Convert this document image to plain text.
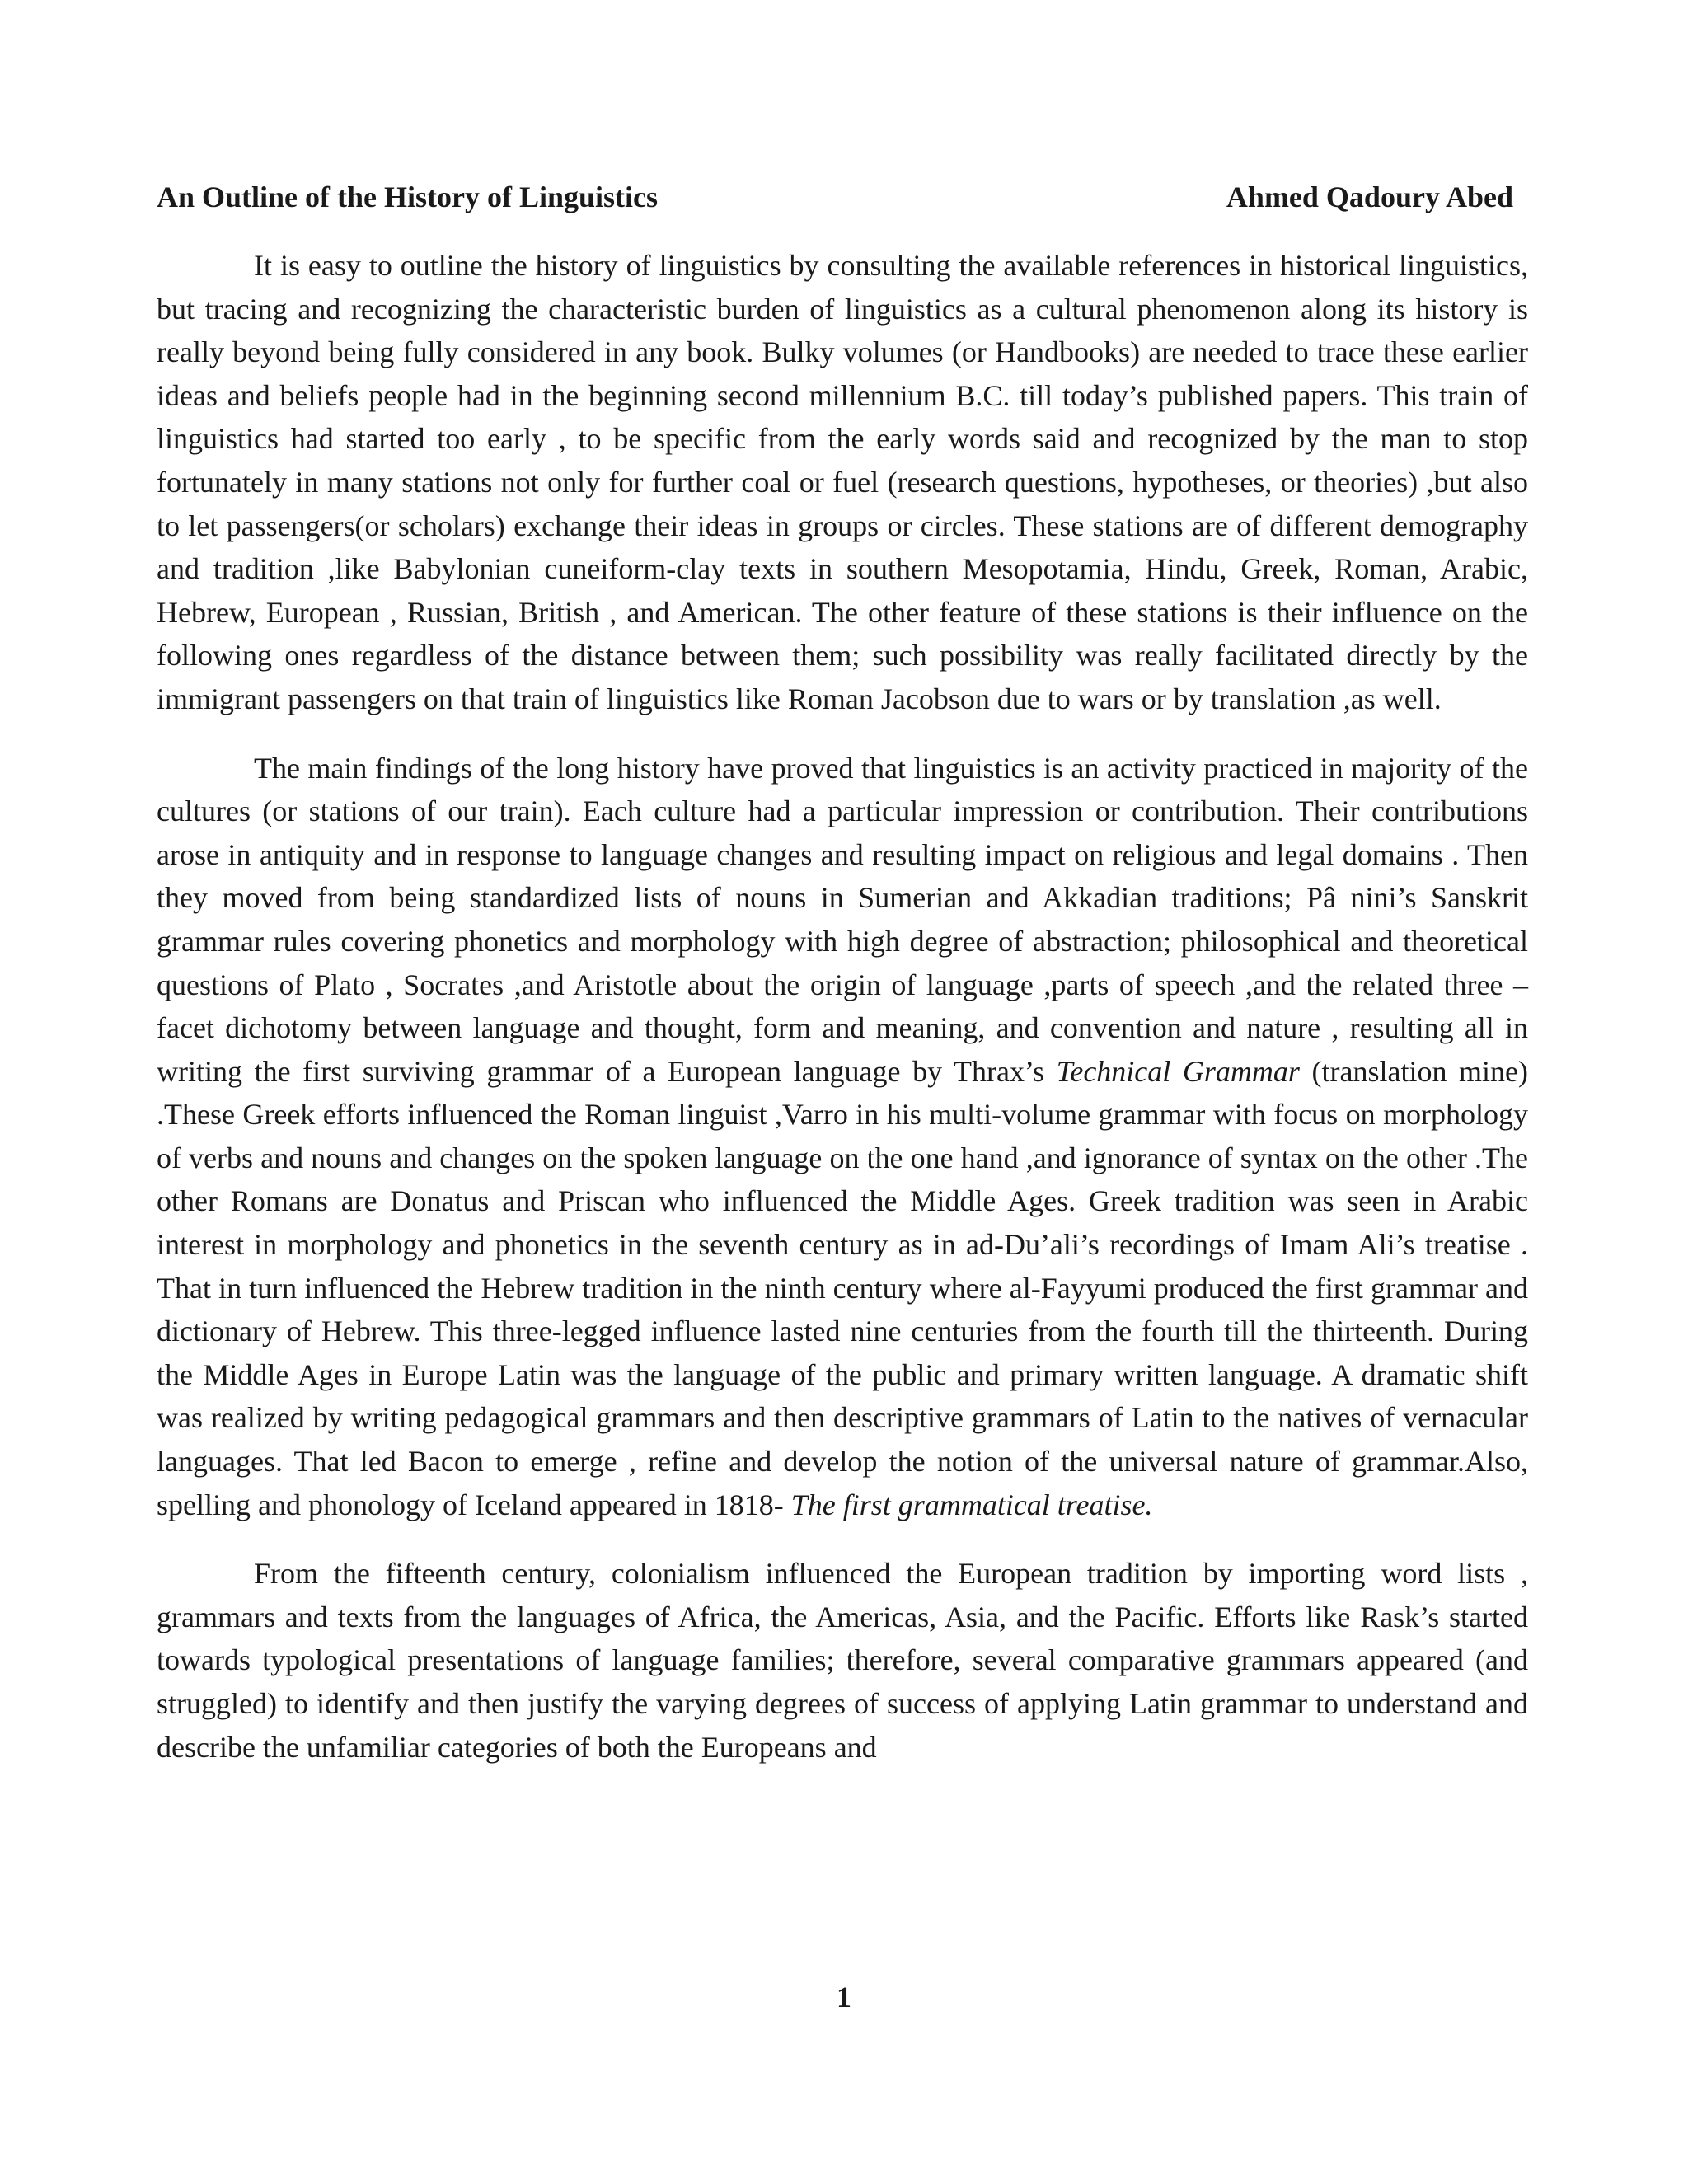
An Outline of the History of Linguistics	Ahmed Qadoury Abed

It is easy to outline the history of linguistics by consulting the available references in historical linguistics, but tracing and recognizing the characteristic burden of linguistics as a cultural phenomenon along its history is really beyond being fully considered in any book. Bulky volumes (or Handbooks) are needed to trace these earlier ideas and beliefs people had in the beginning second millennium B.C. till today’s published papers. This train of linguistics had started too early , to be specific from the early words said and recognized by the man to stop fortunately in many stations not only for further coal or fuel (research questions, hypotheses, or theories) ,but also to let passengers(or scholars) exchange their ideas in groups or circles. These stations are of different demography and tradition ,like Babylonian cuneiform-clay texts in southern Mesopotamia, Hindu, Greek, Roman, Arabic, Hebrew, European , Russian, British , and American. The other feature of these stations is their influence on the following ones regardless of the distance between them; such possibility was really facilitated directly by the immigrant passengers on that train of linguistics like Roman Jacobson due to wars or by translation ,as well.

The main findings of the long history have proved that linguistics is an activity practiced in majority of the cultures (or stations of our train). Each culture had a particular impression or contribution. Their contributions arose in antiquity and in response to language changes and resulting impact on religious and legal domains . Then they moved from being standardized lists of nouns in Sumerian and Akkadian traditions; Pâ nini’s Sanskrit grammar rules covering phonetics and morphology with high degree of abstraction; philosophical and theoretical questions of Plato , Socrates ,and Aristotle about the origin of language ,parts of speech ,and the related three –facet dichotomy between language and thought, form and meaning, and convention and nature , resulting all in writing the first surviving grammar of a European language by Thrax’s Technical Grammar (translation mine) .These Greek efforts influenced the Roman linguist ,Varro in his multi-volume grammar with focus on morphology of verbs and nouns and changes on the spoken language on the one hand ,and ignorance of syntax on the other .The other Romans are Donatus and Priscan who influenced the Middle Ages. Greek tradition was seen in Arabic interest in morphology and phonetics in the seventh century as in ad-Du’ali’s recordings of Imam Ali’s treatise . That in turn influenced the Hebrew tradition in the ninth century where al-Fayyumi produced the first grammar and dictionary of Hebrew. This three-legged influence lasted nine centuries from the fourth till the thirteenth. During the Middle Ages in Europe Latin was the language of the public and primary written language. A dramatic shift was realized by writing pedagogical grammars and then descriptive grammars of Latin to the natives of vernacular languages. That led Bacon to emerge , refine and develop the notion of the universal nature of grammar.Also, spelling and phonology of Iceland appeared in 1818- The first grammatical treatise.

From the fifteenth century, colonialism influenced the European tradition by importing word lists , grammars and texts from the languages of Africa, the Americas, Asia, and the Pacific. Efforts like Rask’s started towards typological presentations of language families; therefore, several comparative grammars appeared (and struggled) to identify and then justify the varying degrees of success of applying Latin grammar to understand and describe the unfamiliar categories of both the Europeans and

1
